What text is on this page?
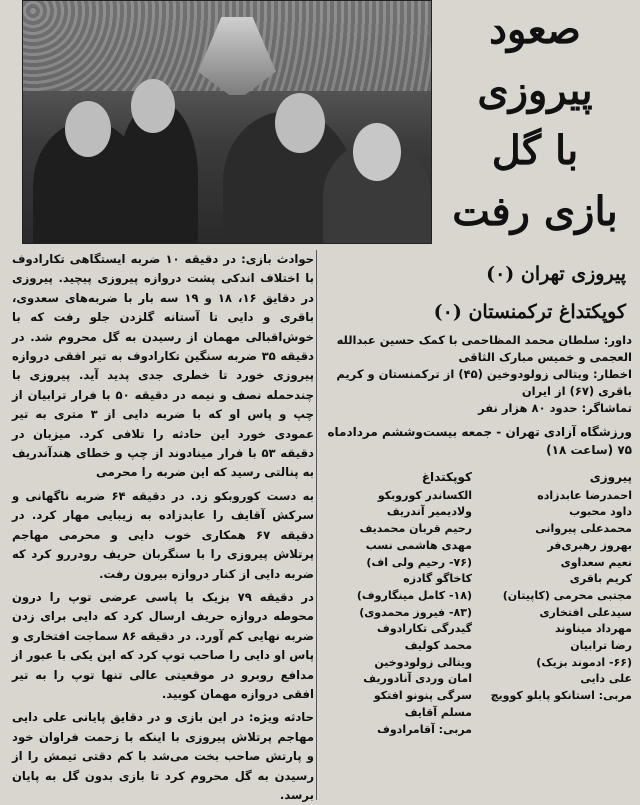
صعود
پیروزی
با گل
بازی رفت

حوادث بازی: در دقیقه ۱۰ ضربه ایستگاهی تکارادوف با اختلاف اندکی پشت دروازه پیروزی پیچید. پیروزی در دقایق ۱۶، ۱۸ و ۱۹ سه بار با ضربه‌های سعدوی، باقری و دایی تا آستانه گلزدن جلو رفت که با خوش‌اقبالی مهمان از رسیدن به گل محروم شد. در دقیقه ۳۵ ضربه سنگین تکارادوف به تیر افقی دروازه پیروزی خورد تا خطری جدی پدید آید. پیروزی با چندحمله نصف و نیمه در دقیقه ۵۰ با فرار ترابیان از چپ و پاس او که با ضربه دایی از ۳ متری به تیر عمودی خورد این حادثه را تلافی کرد. میزبان در دقیقه ۵۳ با فرار مینادوند از چپ و خطای هندآندریف به پنالتی رسید که این ضربه را محرمی

به دست کوروبکو زد. در دقیقه ۶۴ ضربه ناگهانی و سرکش آقایف را عابدزاده به زیبایی مهار کرد. در دقیقه ۶۷ همکاری خوب دایی و محرمی مهاجم پرتلاش پیروزی را با سنگربان حریف رودررو کرد که ضربه دایی از کنار دروازه بیرون رفت.

در دقیقه ۷۹ بزیک با پاسی عرضی توپ را درون محوطه دروازه حریف ارسال کرد که دایی برای زدن ضربه نهایی کم آورد. در دقیقه ۸۶ سماجت افتخاری و پاس او دایی را صاحب توپ کرد که این یکی با عبور از مدافع روبرو در موقعیتی عالی تنها توپ را به تیر افقی دروازه مهمان کوبید.

حادثه ویژه: در این بازی و در دقایق پایانی علی دایی مهاجم پرتلاش پیروزی با اینکه با زحمت فراوان خود و پارتش صاحب بخت می‌شد با کم دقتی تیمش را از رسیدن به گل محروم کرد تا بازی بدون گل به پایان برسد.

پیروزی تهران (۰)
کوپکتداغ ترکمنستان (۰)
داور: سلطان محمد المظاحمی با کمک حسین عبدالله العجمی و خمیس مبارک الثاقی
اخطار: ویتالی زولودوخین (۴۵) از ترکمنستان و کریم باقری (۶۷) از ایران
تماشاگر: حدود ۸۰ هزار نفر
ورزشگاه آزادی تهران - جمعه بیست‌وششم مردادماه ۷۵ (ساعت ۱۸)
پیروزی
احمدرضا عابدزاده
داود محبوب
محمدعلی پیروانی
بهروز رهبری‌فر
نعیم سعداوی
کریم باقری
مجتبی محرمی (کاپیتان)
سیدعلی افتخاری
مهرداد میناوند
رضا ترابیان
(۶۶- ادموند بزیک)
علی دایی
مربی: استانکو پابلو کوویچ
کوپکتداغ
الکساندر کوروبکو
ولادیمیر آندریف
رحیم قربان محمدیف
مهدی هاشمی نسب
(۷۶- رحیم ولی اف)
کاخاگو گادزه
(۱۸- کامل مینگاروف)
(۸۳- فیروز محمدوی)
گیدرگی تکارادوف
محمد کولیف
ویتالی زولودوخین
امان وردی آنادوریف
سرگی پنونو افتکو
مسلم آقایف
مربی: آقامرادوف
